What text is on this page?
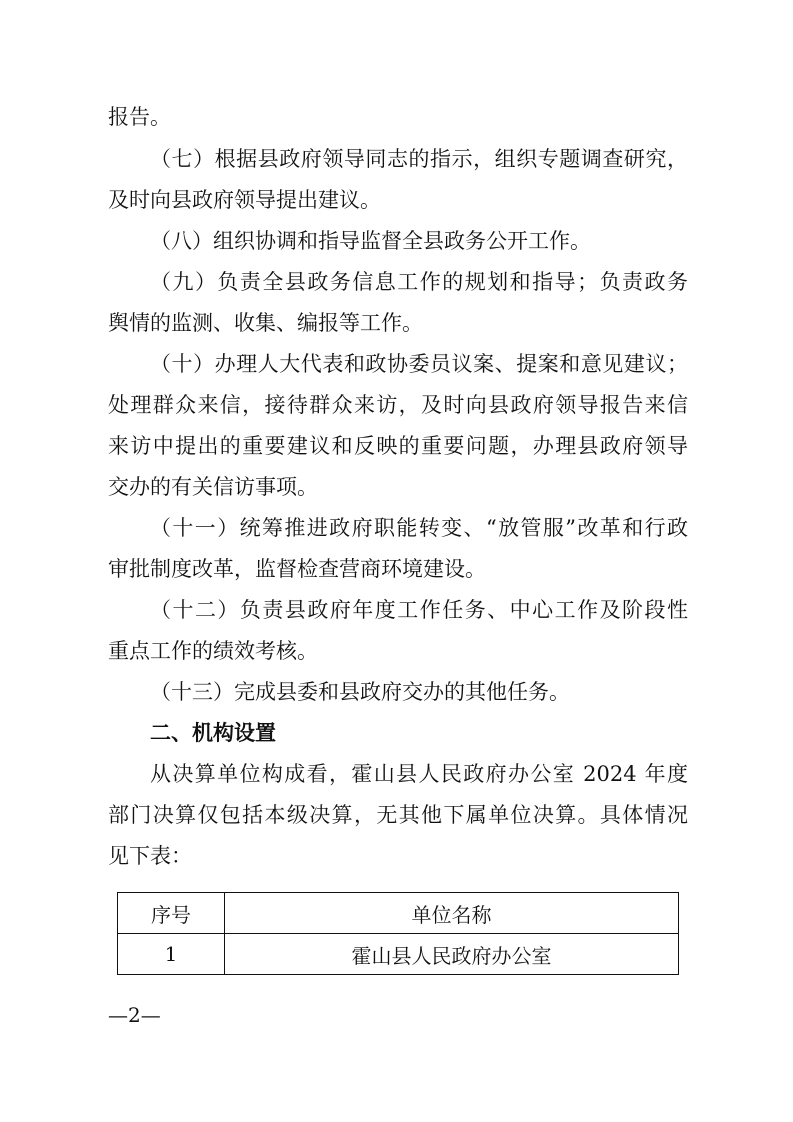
报告。
（七）根据县政府领导同志的指示，组织专题调查研究，
及时向县政府领导提出建议。
（八）组织协调和指导监督全县政务公开工作。
（九）负责全县政务信息工作的规划和指导；负责政务
舆情的监测、收集、编报等工作。
（十）办理人大代表和政协委员议案、提案和意见建议；
处理群众来信，接待群众来访，及时向县政府领导报告来信
来访中提出的重要建议和反映的重要问题，办理县政府领导
交办的有关信访事项。
（十一）统筹推进政府职能转变、“放管服”改革和行政
审批制度改革，监督检查营商环境建设。
（十二）负责县政府年度工作任务、中心工作及阶段性
重点工作的绩效考核。
（十三）完成县委和县政府交办的其他任务。
二、机构设置
从决算单位构成看，霍山县人民政府办公室 2024 年度
部门决算仅包括本级决算，无其他下属单位决算。具体情况
见下表：
序号	单位名称
1	霍山县人民政府办公室
—2—
